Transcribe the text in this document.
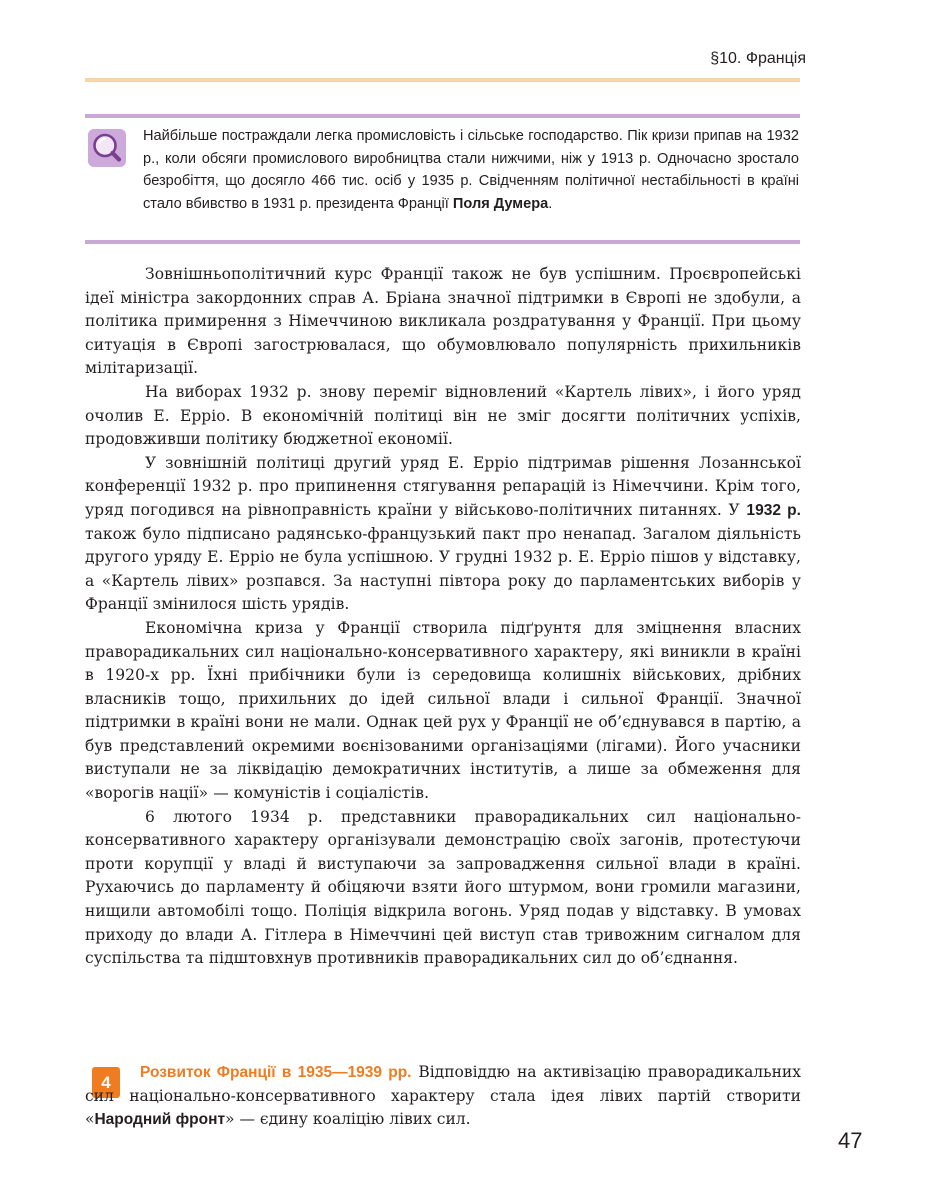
§10. Франція
Найбільше постраждали легка промисловість і сільське господарство. Пік кризи припав на 1932 р., коли обсяги промислового виробництва стали нижчими, ніж у 1913 р. Одночасно зростало безробіття, що досягло 466 тис. осіб у 1935 р. Свідченням політичної нестабільності в країні стало вбивство в 1931 р. президента Франції Поля Думера.

Зовнішньополітичний курс Франції також не був успішним. Проєвропейські ідеї міністра закордонних справ А. Бріана значної підтримки в Європі не здобули, а політика примирення з Німеччиною викликала роздратування у Франції. При цьому ситуація в Європі загострювалася, що обумовлювало популярність прихильників мілітаризації.

На виборах 1932 р. знову переміг відновлений «Картель лівих», і його уряд очолив Е. Ерріо. В економічній політиці він не зміг досягти політичних успіхів, продовживши політику бюджетної економії.

У зовнішній політиці другий уряд Е. Ерріо підтримав рішення Лозаннської конференції 1932 р. про припинення стягування репарацій із Німеччини. Крім того, уряд погодився на рівноправність країни у військово-політичних питаннях. У 1932 р. також було підписано радянсько-французький пакт про ненапад. Загалом діяльність другого уряду Е. Ерріо не була успішною. У грудні 1932 р. Е. Ерріо пішов у відставку, а «Картель лівих» розпався. За наступні півтора року до парламентських виборів у Франції змінилося шість урядів.

Економічна криза у Франції створила підґрунтя для зміцнення власних праворадикальних сил національно-консервативного характеру, які виникли в країні в 1920-х рр. Їхні прибічники були із середовища колишніх військових, дрібних власників тощо, прихильних до ідей сильної влади і сильної Франції. Значної підтримки в країні вони не мали. Однак цей рух у Франції не об’єднувався в партію, а був представлений окремими воєнізованими організаціями (лігами). Його учасники виступали не за ліквідацію демократичних інститутів, а лише за обмеження для «ворогів нації» — комуністів і соціалістів.

6 лютого 1934 р. представники праворадикальних сил національно-консервативного характеру організували демонстрацію своїх загонів, протестуючи проти корупції у владі й виступаючи за запровадження сильної влади в країні. Рухаючись до парламенту й обіцяючи взяти його штурмом, вони громили магазини, нищили автомобілі тощо. Поліція відкрила вогонь. Уряд подав у відставку. В умовах приходу до влади А. Гітлера в Німеччині цей виступ став тривожним сигналом для суспільства та підштовхнув противників праворадикальних сил до об’єднання.

4	Розвиток Франції в 1935—1939 рр. Відповіддю на активізацію праворадикальних сил національно-консервативного характеру стала ідея лівих партій створити «Народний фронт» — єдину коаліцію лівих сил.

47
